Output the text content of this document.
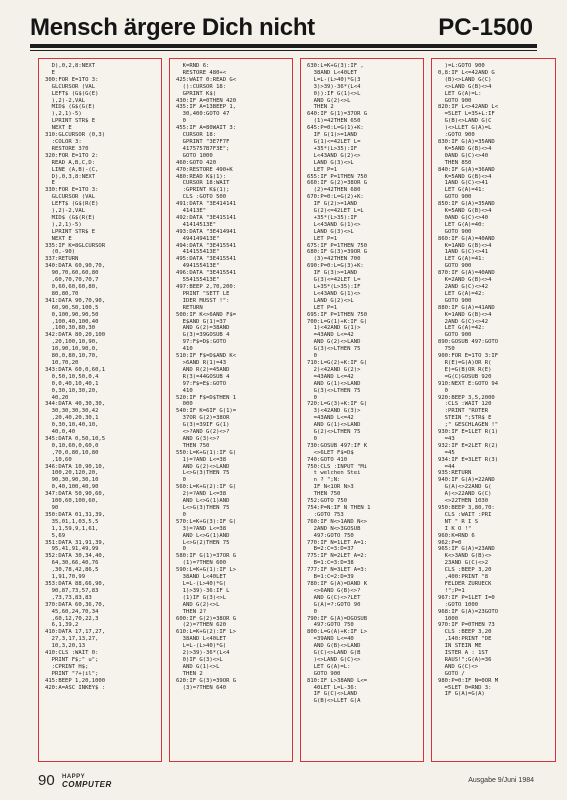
Mensch ärgere Dich nicht	PC-1500
D),0,2,8:NEXT
E
300:FOR E=1TO 3:
GLCURSOR (VAL
LEFT$ (G$(G(E)
),2)-2,VAL
MID$ (G$(G(E)
),2,1)-5)
LPRINT STR$ E
NEXT E
310:GLCURSOR (0,3)
:COLOR 3:
RESTORE 370
320:FOR E=1TO 2:
READ A,B,C,D:
LINE (A,B)-(C,
D),0,3,8:NEXT
E
330:FOR E=1TO 3:
GLCURSOR (VAL
LEFT$ (G$(R(E)
),2)-2,VAL
MID$ (G$(R(E)
),2,1)-5)
LPRINT STR$ E
NEXT E
335:IF K=8GLCURSOR
(0,-90)
337:RETURN
340:DATA 60,90,70,
90,70,60,60,80
,60,70,70,70,7
0,60,60,60,80,
80,80,70
341:DATA 90,70,90,
60,90,50,100,5
0,100,90,90,50
,100,40,100,40
,100,30,80,30
342:DATA 80,20,100
,20,100,10,90,
10,90,10,90,0,
80,0,80,10,70,
10,70,20
343:DATA 60,0,60,1
0,50,10,50,0,4
0,0,40,10,40,1
0,30,10,30,20,
40,20
344:DATA 40,30,30,
30,30,30,30,42
,20,40,20,30,1
0,30,10,40,10,
40,0,40
345:DATA 0,50,10,5
0,10,60,0,60,0
,70,0,80,10,80
,10,60
346:DATA 10,90,10,
100,20,120,20,
90,30,90,30,10
0,40,100,40,90
347:DATA 50,90,60,
100,60,100,60,
90
350:DATA 01,31,39,
35,01,1,03,5,5
1,1,59,9,1,61,
5,69
351:DATA 31,91,39,
95,41,91,49,99
352:DATA 30,34,40,
64,30,66,40,76
,30,78,42,86,5
1,91,70,99
353:DATA 88,66,90,
90,87,73,57,83
,73,73,83,83
370:DATA 60,36,70,
45,60,24,70,34
,60,12,70,22,3
6,1,39,2
410:DATA 17,17,27,
27,3,17,13,27,
10,3,20,13
410:CLS :WAIT 0:
PRINT F$;" u";
:CPRINT H$;
PRINT "?+(il";
415:BEEP 1,20,1000
420:A=ASC INKEY$ :
K=RND 6:
RESTORE 480+<
425:WAIT 0:READ G<
():CURSOR 18:
GPRINT K$(
430:IF A=0THEN 420
435:IF A=13BEEP 1,
30,400:GOTO 47
0
455:IF A=80WAIT 3:
CURSOR 18:
GPRINT "3E7F7F
4175757B7F3E";
GOTO 1000
460:GOTO 420
470:RESTORE 490+K
480:READ K$(1):
CURSOR 18:WAIT
:GPRINT K$(1);
CLS :GOTO 500
491:DATA "3E414141
41413E"
492:DATA "3E415141
41414513E"
493:DATA "3E414941
494149413E"
494:DATA "3E415541
414155413E"
495:DATA "3E415541
494155413E"
496:DATA "3E415541
554155413E"
497:BEEP 2,70,200:
PRINT "SETT LE
IDER MUSST !":
RETURN
500:IF K<>6AND F$=
E$AND G(1)=37
AND G(2)=38AND
G(3)=39GOSUB 4
97:F$=D$:GOTO
410
510:IF F$=D$AND K<
>6AND R(1)=43
AND R(2)=45AND
R(3)=44GOSUB 4
97:F$=E$:GOTO
410
520:IF F$=D$THEN 1
000
540:IF K=6IF G(1)=
37OR G(2)=38OR
G(3)=39IF G(1)
<>?AND G(2)<>?
AND G(3)<>?
THEN 750
550:L=K+G(1):IF G(
1)=?AND L<=38
AND G(2)<>LAND
L<>G(3)THEN 75
0
560:L=K+G(2):IF G(
2)=?AND L<=38
AND L<>G(1)AND
L<>G(3)THEN 75
0
570:L=K+G(3):IF G(
3)=?AND L<=38
AND L<>G(1)AND
L<>G(2)THEN 75
0
580:IF G(1)=37OR G
(1)=?THEN 600
590:L=K+G(1):IF L>
38AND L<40LET
L=L-(L>40)*G(
1)>39)-36:IF L
(1)IF G(3)<>L
AND G(2)<>L
THEN 2?
600:IF G(2)=38OR G
(2)=?THEN 620
610:L=K+G(2):IF L>
38AND L<40LET
L=L-(L>40)*G(
2)>39)-36*(L<4
0)IF G(3)<>L
AND G(1)<>L
THEN 2
620:IF G(3)=39OR G
(3)=?THEN 640
630:L=K+G(3):IF ,
38AND L<40LET
L=L-(L>40)*G(3
3)>39)-36*(L<4
0)):IF G(1)<>L
AND G(2)<>L
THEN 2
640:IF G(1)=37OR G
(1)=42THEN 650
645:P=0:L=G(1)+K:
IF G(1)>=1AND
G(1)<=42LET L=
+35*(L>35):IF
L<43AND G(2)<>
LAND G(3)<>L
LET P=1
655:IF P=1THEN 750
660:IF G(2)=38OR G
(2)=42THEN 680
670:P=0:L=G(2)+K:
IF G(2)>=1AND
G(2)<=42LET L=L
+35*(L>35):IF
L<43AND G(1)<>
LAND G(3)<>L
LET P=1
675:IF P=1THEN 750
680:IF G(3)=39OR G
(3)=42THEN 700
690:P=0:L=G(3)+K:
IF G(3)>=1AND
G(3)<=42LET L=
L+35*(L>35):IF
L<43AND G(1)<>
LAND G(2)<>L
LET P=1
695:IF P=1THEN 750
700:L=G(1)+K:IF G(
1)<42AND G(1)>
=43AND L<=42
AND G(2)<>LAND
G(3)<>LTHEN 75
0
710:L=G(2)+K:IF G(
2)<42AND G(2)>
=43AND L<=42
AND G(1)<>LAND
G(3)<>LTHEN 75
0
720:L=G(3)+K:IF G(
3)<42AND G(3)>
=43AND L<=42
AND G(1)<>LAND
G(2)<>LTHEN 75
0
730:GOSUB 497:IF K
<>6LET F$=D$
740:GOTO 410
750:CLS :INPUT "Mi
t welchen Stei
n ? ";N:
IF N<1OR N>3
THEN 750
752:GOTO 750
754:P=N:IF N THEN 1
:GOTO 753
760:IF N<>1AND N<>
2AND N<>3GOSUB
497:GOTO 750
770:IF N=1LET A=1:
B=2:C=3:D=37
775:IF N=2LET A=2:
B=1:C=3:D=38
777:IF N=3LET A=3:
B=1:C=2:D=39
780:IF G(A)=DAND K
<>6AND G(B)<>?
AND G(C)<>?LET
G(A)=?:GOTO 90
0
790:IF G(A)=DGOSUB
497:GOTO 750
800:L=G(A)+K:IF L>
=39AND L<=40
AND G(B)<>LAND
G(C)<>LAND G(B
)<>LAND G(C)<>
LET G(A)=L:
GOTO 900
810:IF L>38AND L<=
40LET L=L-36:
IF G(C)<>LAND
G(B)<>LLET G(A
)=L:GOTO 900
0,8:IF L<=42AND G
(B)<>LAND G(C)
<>LAND G(B)<>4
LET G(A)=L:
GOTO 900
820:IF L<>42AND L<
=5LET L=35+L:IF
G(B)<>LAND G(C
)<>LLET G(A)=L
:GOTO 900
830:IF G(A)=35AND
K=5AND G(B)<>4
0AND G(C)<>40
THEN 850
840:IF G(A)=36AND
K=5AND G(B)<>4
1AND G(C)<>41
LET G(A)=41:
GOTO 900
850:IF G(A)=35AND
K=5AND G(B)<>4
0AND G(C)<>40
LET G(A)=40:
GOTO 900
860:IF G(A)=40AND
K=1AND G(B)<>4
1AND G(C)<>41
LET G(A)=41:
GOTO 900
870:IF G(A)=40AND
K=2AND G(B)<>4
2AND G(C)<>42
LET G(A)=42:
GOTO 900
880:IF G(A)=41AND
K=1AND G(B)<>4
2AND G(C)<>42
LET G(A)=42:
GOTO 900
890:GOSUB 497:GOTO
750
900:FOR E=1TO 3:IF
R(E)=G(A)OR R(
E)=G(B)OR R(E)
=G(C)GOSUB 920
910:NEXT E:GOTO 94
0
920:BEEP 3,5,2000
:CLS :WAIT 120
:PRINT "ROTER
STEIN ";STR$ E
;" GESCHLAGEN !"
930:IF E=1LET R(1)
=43
932:IF E=2LET R(2)
=45
934:IF E=3LET R(3)
=44
935:RETURN
940:IF G(A)=22AND
G(A)<>22AND G(
A)<>22AND G(C)
<>22THEN 1030
950:BEEP 3,80,70:
CLS :WAIT :PRI
NT " R I S
I K O !"
960:K=RND 6
962:P=0
965:IF G(A)=23AND
K<>3AND G(B)<>
23AND G(C)<>2
CLS :BEEP 3,20
,400:PRINT "8
FELDER ZURUECK
!";P=1
967:IF P=1LET I=0
:GOTO 1000
968:IF G(A)=23GOTO
1000
970:IF P=0THEN 73
CLS :BEEP 3,20
,140:PRINT "DE
IN STEIN ME
ISTER A : 1ST
RAUS!";G(A)=36
AND G(C)<>
GOTO /
980:P=0:IF N=0OR M
=5LET 0=RND 3:
IF G(A)=G(A)
90 HAPPY
COMPUTER	Ausgabe 9/Juni 1984
